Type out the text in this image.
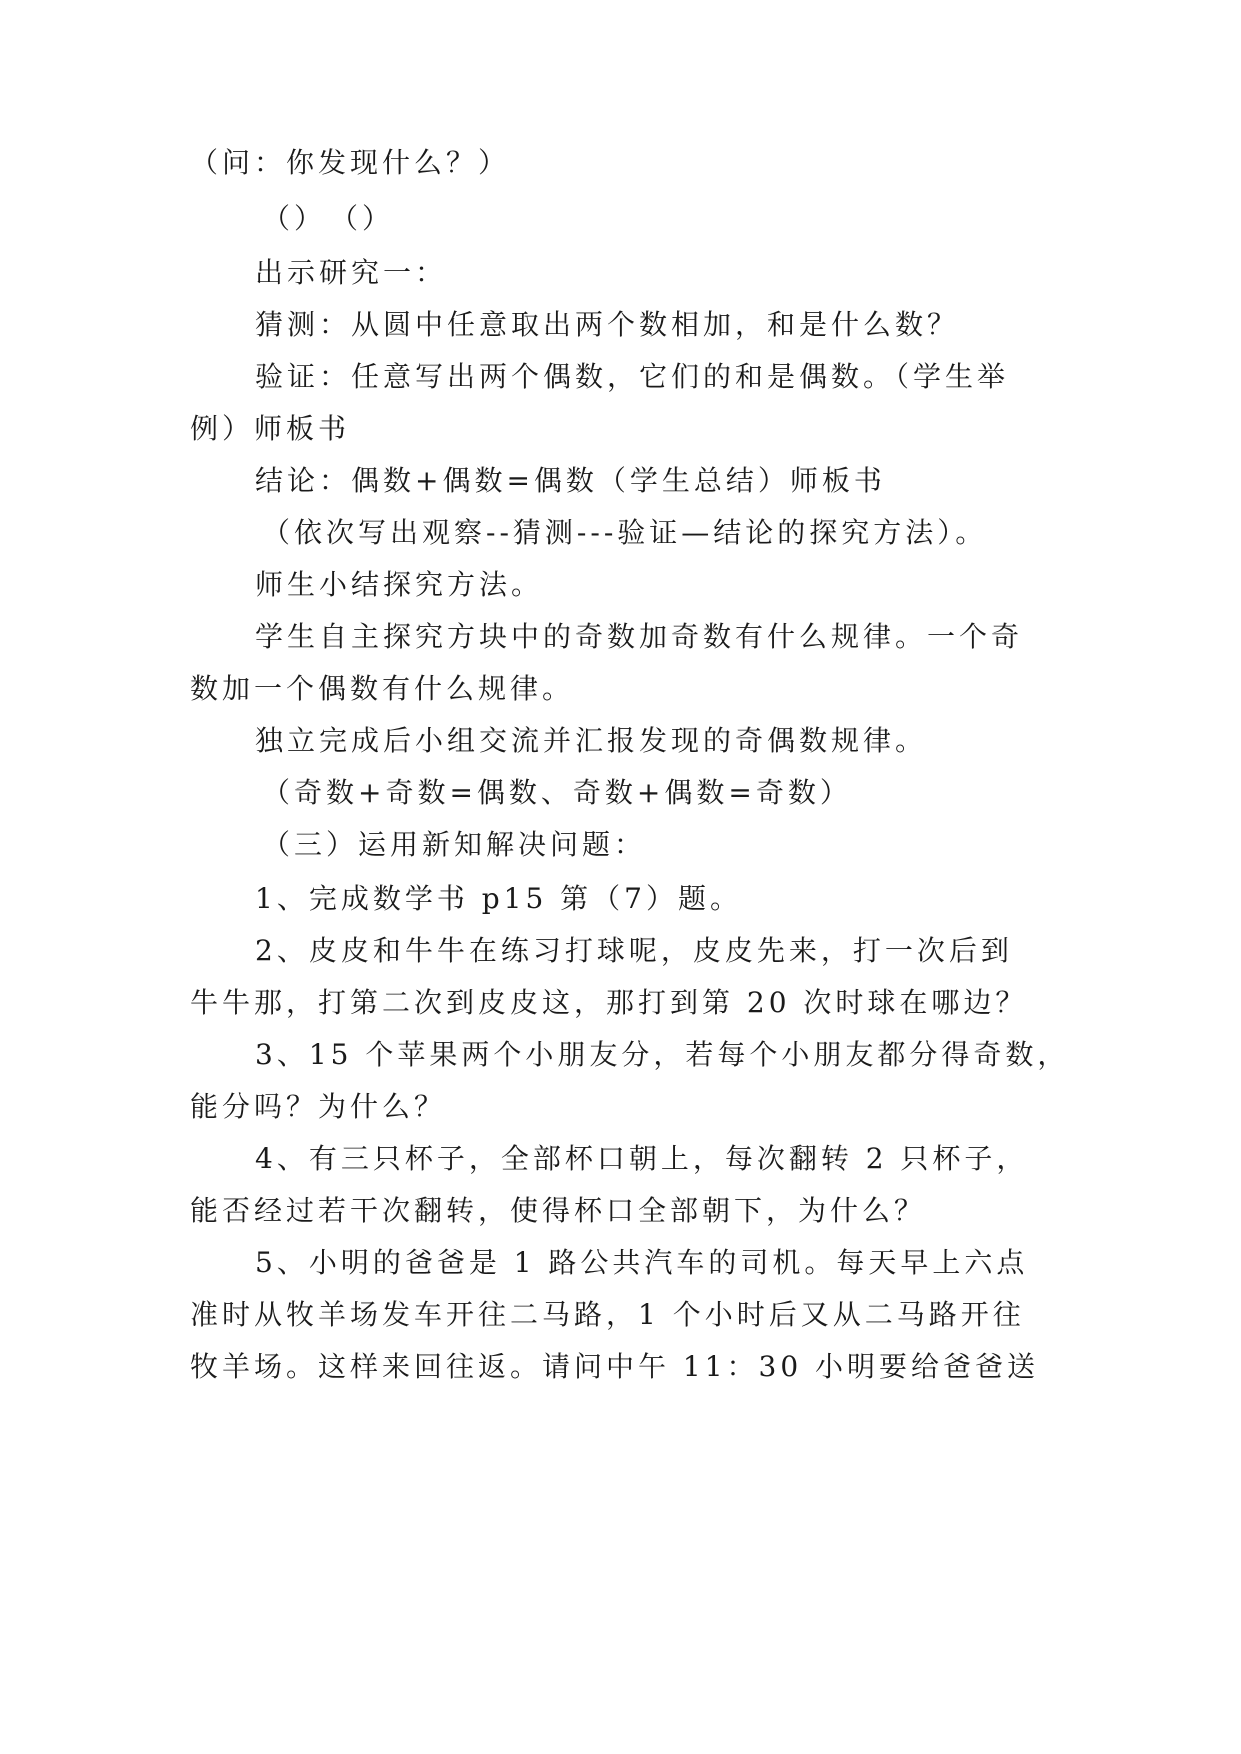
（问：你发现什么？）
（）　（）
出示研究一：
猜测：从圆中任意取出两个数相加，和是什么数？
验证：任意写出两个偶数，它们的和是偶数。（学生举
例）师板书
结论：偶数+偶数=偶数（学生总结）师板书
（依次写出观察--猜测---验证—结论的探究方法）。
师生小结探究方法。
学生自主探究方块中的奇数加奇数有什么规律。一个奇
数加一个偶数有什么规律。
独立完成后小组交流并汇报发现的奇偶数规律。
（奇数+奇数=偶数、奇数+偶数=奇数）
（三）运用新知解决问题：
1、完成数学书 p15 第（7）题。
2、皮皮和牛牛在练习打球呢，皮皮先来，打一次后到
牛牛那，打第二次到皮皮这，那打到第 20 次时球在哪边？
3、15 个苹果两个小朋友分，若每个小朋友都分得奇数，
能分吗？为什么？
4、有三只杯子，全部杯口朝上，每次翻转 2 只杯子，
能否经过若干次翻转，使得杯口全部朝下，为什么？
5、小明的爸爸是 1 路公共汽车的司机。每天早上六点
准时从牧羊场发车开往二马路，1 个小时后又从二马路开往
牧羊场。这样来回往返。请问中午 11：30 小明要给爸爸送
